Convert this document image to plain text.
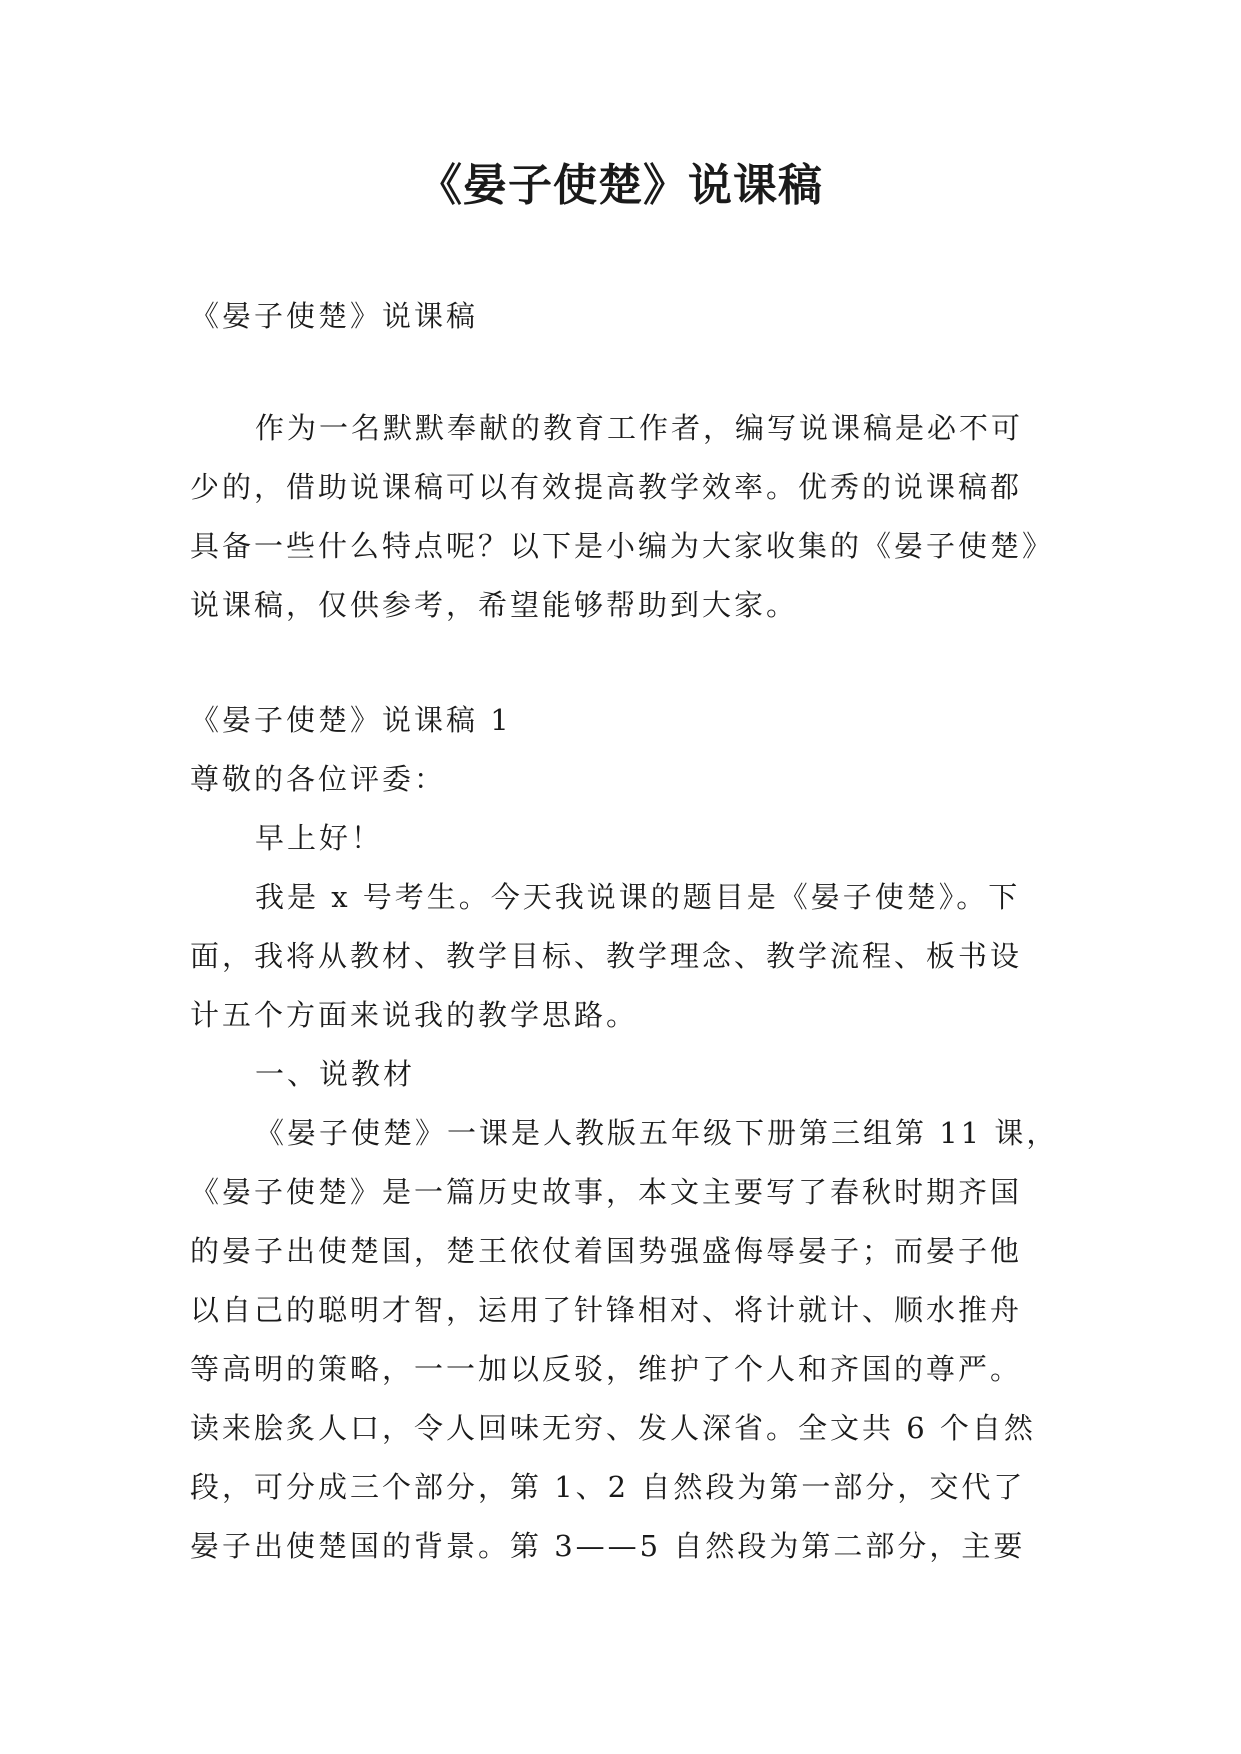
《晏子使楚》说课稿
《晏子使楚》说课稿
作为一名默默奉献的教育工作者，编写说课稿是必不可
少的，借助说课稿可以有效提高教学效率。优秀的说课稿都
具备一些什么特点呢？以下是小编为大家收集的《晏子使楚》
说课稿，仅供参考，希望能够帮助到大家。
《晏子使楚》说课稿 1
尊敬的各位评委：
早上好！
我是 x 号考生。今天我说课的题目是《晏子使楚》。下
面，我将从教材、教学目标、教学理念、教学流程、板书设
计五个方面来说我的教学思路。
一、说教材
《晏子使楚》一课是人教版五年级下册第三组第 11 课，
《晏子使楚》是一篇历史故事，本文主要写了春秋时期齐国
的晏子出使楚国，楚王依仗着国势强盛侮辱晏子；而晏子他
以自己的聪明才智，运用了针锋相对、将计就计、顺水推舟
等高明的策略，一一加以反驳，维护了个人和齐国的尊严。
读来脍炙人口，令人回味无穷、发人深省。全文共 6 个自然
段，可分成三个部分，第 1、2 自然段为第一部分，交代了
晏子出使楚国的背景。第 3——5 自然段为第二部分，主要
